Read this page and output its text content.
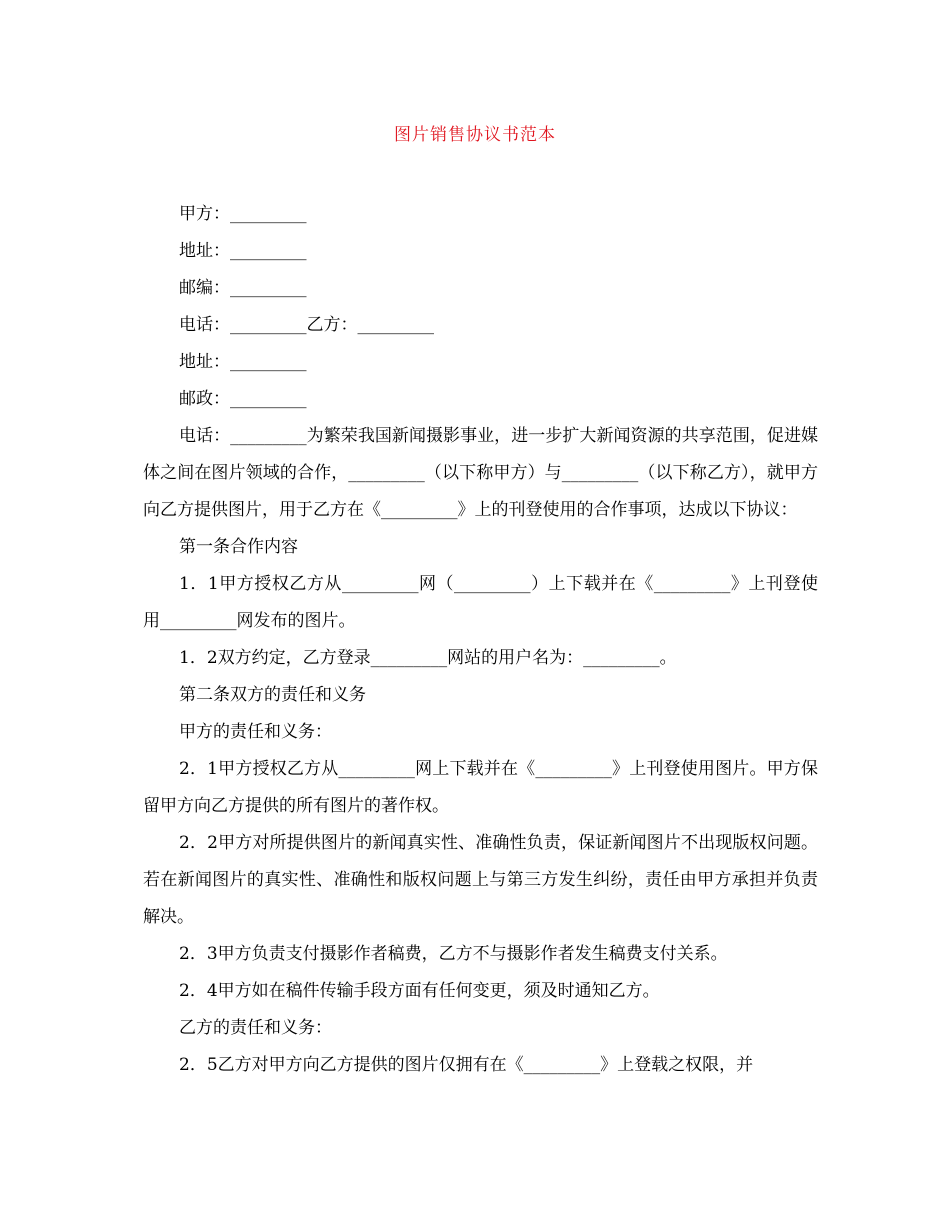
图片销售协议书范本

甲方：_________

地址：_________

邮编：_________

电话：_________乙方：_________

地址：_________

邮政：_________

电话：_________为繁荣我国新闻摄影事业，进一步扩大新闻资源的共享范围，促进媒体之间在图片领域的合作，_________（以下称甲方）与_________（以下称乙方），就甲方向乙方提供图片，用于乙方在《_________》上的刊登使用的合作事项，达成以下协议：

第一条合作内容

1．1甲方授权乙方从_________网（_________）上下载并在《_________》上刊登使用_________网发布的图片。

1．2双方约定，乙方登录_________网站的用户名为：_________。

第二条双方的责任和义务

甲方的责任和义务：

2．1甲方授权乙方从_________网上下载并在《_________》上刊登使用图片。甲方保留甲方向乙方提供的所有图片的著作权。

2．2甲方对所提供图片的新闻真实性、准确性负责，保证新闻图片不出现版权问题。若在新闻图片的真实性、准确性和版权问题上与第三方发生纠纷，责任由甲方承担并负责解决。

2．3甲方负责支付摄影作者稿费，乙方不与摄影作者发生稿费支付关系。

2．4甲方如在稿件传输手段方面有任何变更，须及时通知乙方。

乙方的责任和义务：

2．5乙方对甲方向乙方提供的图片仅拥有在《_________》上登载之权限，并
